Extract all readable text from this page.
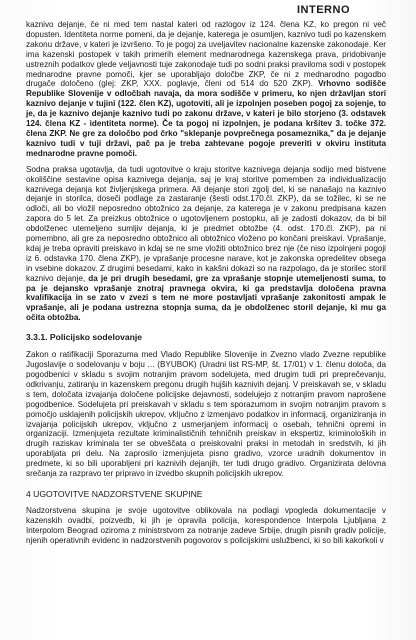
INTERNO

kaznivo dejanje, če ni med tem nastal kateri od razlogov iz 124. člena KZ, ko pregon ni več dopusten. Identiteta norme pomeni, da je dejanje, katerega je osumljen, kaznivo tudi po kazenskem zakonu države, v kateri je izvršeno. To je pogoj za uveljavitev nacionalne kazenske zakonodaje. Ker ima kazenski postopek v takih primerih element mednarodnega kazenskega prava, pridobivanje ustreznih podatkov glede veljavnosti tuje zakonodaje tudi po sodni praksi praviloma sodi v postopek mednarodne pravne pomoči, kjer se uporabljajo določbe ZKP, če ni z mednarodno pogodbo drugače določeno (glej: ZKP, XXX. poglavje, členi od 514 do 520 ZKP). Vrhovno sodišče Republike Slovenije v odločbah navaja, da mora sodišče v primeru, ko njen državljan stori kaznivo dejanje v tujini (122. člen KZ), ugotoviti, ali je izpolnjen poseben pogoj za sojenje, to je, da je kaznivo dejanje kaznivo tudi po zakonu države, v kateri je bilo storjeno (3. odstavek 124. člena KZ - identiteta norme). Če ta pogoj ni izpolnjen, je podana kršitev 3. točke 372. člena ZKP. Ne gre za določbo pod črko "sklepanje povprečnega posameznika," da je dejanje kaznivo tudi v tuji državi, pač pa je treba zahtevane pogoje preveriti v okviru instituta mednarodne pravne pomoči.

Sodna praksa ugotavlja, da tudi ugotovitve o kraju storitve kaznivega dejanja sodijo med bistvene okoliščine sestavine opisa kaznivega dejanja, saj je kraj storitve pomemben za individualizacijo kaznivega dejanja kot življenjskega primera. Ali dejanje stori zgolj del, ki se nanašajo na kaznivo dejanje in storilca, doseči podlage za zastaranje (šesti odst.170.čl. ZKP), da se tožilec, ki se ne odloči, ali bo vložil neposredno obtožnico za dejanje, za katerega je v zakonu predpisana kazen zapora do 5 let. Za preizkus obtožnice o ugotovljenem postopku, ali je zadosti dokazov, da bi bil obdolženec utemeljeno sumljiv dejanja, ki je predmet obtožbe (4. odst. 170.čl. ZKP), pa ni pomembno, ali gre za neposredno obtožnico ali obtožnico vloženo po končani preiskavi. Vprašanje, kdaj je treba opraviti preiskavo in kdaj se ne sme vložiti obtožnico brez nje (če niso izpolnjeni pogoji iz 6. odstavka 170. člena ZKP), je vprašanje procesne narave, kot je zakonska opredelitev obsega in vsebine dokazov. Z drugimi besedami, kako in kakšni dokazi so na razpolago, da je storilec storil kaznivo dejanje, da je pri drugih besedami, gre za vprašanje stopnje utemeljenosti suma, to pa je dejansko vprašanje znotraj pravnega okvira, ki ga predstavlja določena pravna kvalifikacija in se zato v zvezi s tem ne more postavljati vprašanje zakonitosti ampak le vprašanje, ali je podana ustrezna stopnja suma, da je obdolženec storil dejanje, ki mu ga očita obtožba.

3.3.1. Policijsko sodelovanje

Zakon o ratifikaciji Sporazuma med Vlado Republike Slovenije in Zvezno vlado Zvezne republike Jugoslavije o sodelovanju v boju ... (BYUBOK) (Uradni list RS-MP, št. 17/01) v 1. členu določa, da pogodbenici v skladu s svojim notranjim pravom sodelujeta, med drugim tudi pri preprečevanju, odkrivanju, zatiranju in kazenskem pregonu drugih hujših kaznivih dejanj. V preiskavah se, v skladu s tem, določata izvajanja določene policijske dejavnosti, sodelujejo z notranjim pravom naprošene pogodbenice. Sodelujeta pri preiskavah v skladu s tem sporazumom in svojim notranjim pravom s pomočjo usklajenih policijskih ukrepov, vključno z izmenjavo podatkov in informacij, organiziranja in izvajanja policijskih ukrepov, vključno z usmerjanjem informacij o osebah, tehnični opremi in organizaciji. Izmenjujeta rezultate kriminalističnih tehničnih preiskav in ekspertiz, kriminoloških in drugih raziskav kriminala ter se obveščata o preiskovalni praksi in metodah in sredstvih, ki jih uporabljata pri delu. Na zaprosilo izmenjujeta pisno gradivo, vzorce uradnih dokumentov in predmete, ki so bili uporabljeni pri kaznivih dejanjih, ter tudi drugo gradivo. Organizirata delovna srečanja za razpravo ter pripravo in izvedbo skupnih policijskih ukrepov.

4 UGOTOVITVE NADZORSTVENE SKUPINE

Nadzorstvena skupina je svoje ugotovitve oblikovala na podlagi vpogleda dokumentacije v kazenskih ovadbi, poizvedb, ki jih je opravila policija, korespondence Interpola Ljubljana z Interpolom Beograd oziroma z ministrstvom za notranje zadeve Srbije, drugih pisnih gradiv policije, njenih operativnih evidenc in nadzorstvenih pogovorov s policijskimi uslužbenci, ki so bili kakorkoli v
